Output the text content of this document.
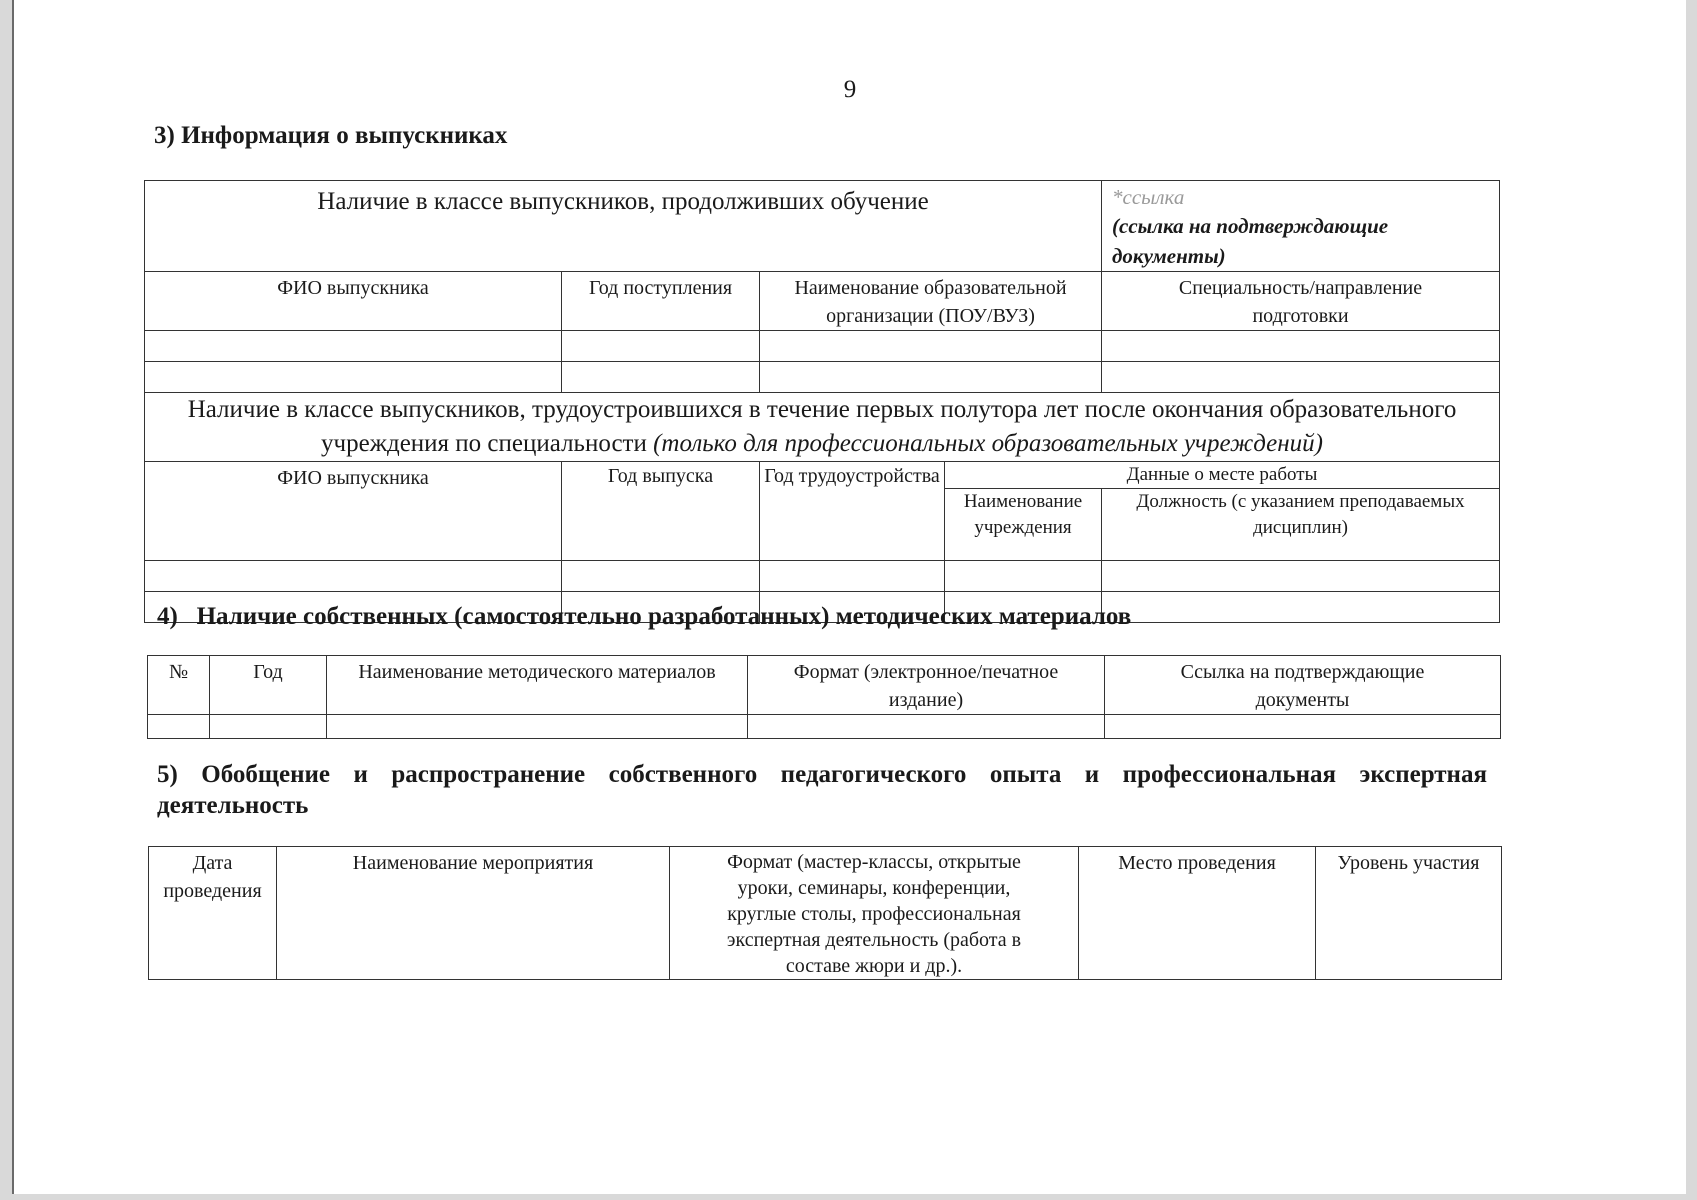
9
3) Информация о выпускниках
Наличие в классе выпускников, продолживших обучение				*ссылка
(ссылка на подтверждающие документы)

ФИО выпускника	Год поступления	Наименование образовательной организации (ПОУ/ВУЗ)		Специальность/направление подготовки

Наличие в классе выпускников, трудоустроившихся в течение первых полутора лет после окончания образовательного учреждения по специальности (только для профессиональных образовательных учреждений)				
ФИО выпускника	Год выпуска	Год трудоустройства	Данные о месте работы	
			Наименование учреждения	Должность (с указанием преподаваемых дисциплин)

4)  Наличие собственных (самостоятельно разработанных) методических материалов
№	Год	Наименование методического материалов	Формат (электронное/печатное издание)	Ссылка на подтверждающие документы

5) Обобщение и распространение собственного педагогического опыта и профессиональная экспертная деятельность
Дата проведения	Наименование мероприятия	Формат (мастер-классы, открытые уроки, семинары, конференции, круглые столы, профессиональная экспертная деятельность (работа в составе жюри и др.).	Место проведения	Уровень участия
